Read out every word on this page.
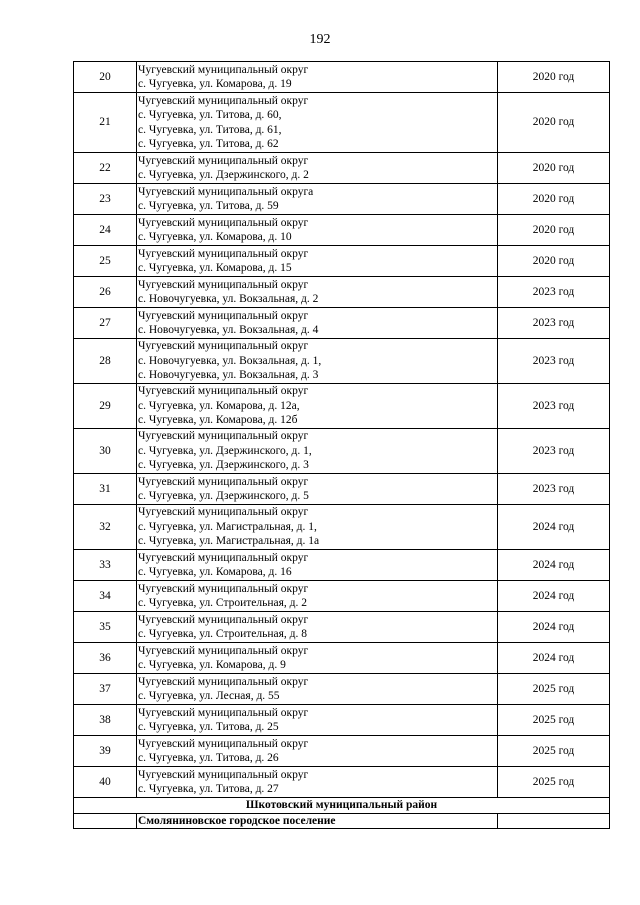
192
20	Чугуевский муниципальный округ
с. Чугуевка, ул. Комарова, д. 19	2020 год
21	Чугуевский муниципальный округ
с. Чугуевка, ул. Титова, д. 60,
с. Чугуевка, ул. Титова, д. 61,
с. Чугуевка, ул. Титова, д. 62	2020 год
22	Чугуевский муниципальный округ
с. Чугуевка, ул. Дзержинского, д. 2	2020 год
23	Чугуевский муниципальный округа
с. Чугуевка, ул. Титова, д. 59	2020 год
24	Чугуевский муниципальный округ
с. Чугуевка, ул. Комарова, д. 10	2020 год
25	Чугуевский муниципальный округ
с. Чугуевка, ул. Комарова, д. 15	2020 год
26	Чугуевский муниципальный округ
с. Новочугуевка, ул. Вокзальная, д. 2	2023 год
27	Чугуевский муниципальный округ
с. Новочугуевка, ул. Вокзальная, д. 4	2023 год
28	Чугуевский муниципальный округ
с. Новочугуевка, ул. Вокзальная, д. 1,
с. Новочугуевка, ул. Вокзальная, д. 3	2023 год
29	Чугуевский муниципальный округ
с. Чугуевка, ул. Комарова, д. 12а,
с. Чугуевка, ул. Комарова, д. 12б	2023 год
30	Чугуевский муниципальный округ
с. Чугуевка, ул. Дзержинского, д. 1,
с. Чугуевка, ул. Дзержинского, д. 3	2023 год
31	Чугуевский муниципальный округ
с. Чугуевка, ул. Дзержинского, д. 5	2023 год
32	Чугуевский муниципальный округ
с. Чугуевка, ул. Магистральная, д. 1,
с. Чугуевка, ул. Магистральная, д. 1а	2024 год
33	Чугуевский муниципальный округ
с. Чугуевка, ул. Комарова, д. 16	2024 год
34	Чугуевский муниципальный округ
с. Чугуевка, ул. Строительная, д. 2	2024 год
35	Чугуевский муниципальный округ
с. Чугуевка, ул. Строительная, д. 8	2024 год
36	Чугуевский муниципальный округ
с. Чугуевка, ул. Комарова, д. 9	2024 год
37	Чугуевский муниципальный округ
с. Чугуевка, ул. Лесная, д. 55	2025 год
38	Чугуевский муниципальный округ
с. Чугуевка, ул. Титова, д. 25	2025 год
39	Чугуевский муниципальный округ
с. Чугуевка, ул. Титова, д. 26	2025 год
40	Чугуевский муниципальный округ
с. Чугуевка, ул. Титова, д. 27	2025 год
Шкотовский муниципальный район		
	Смоляниновское городское поселение	
